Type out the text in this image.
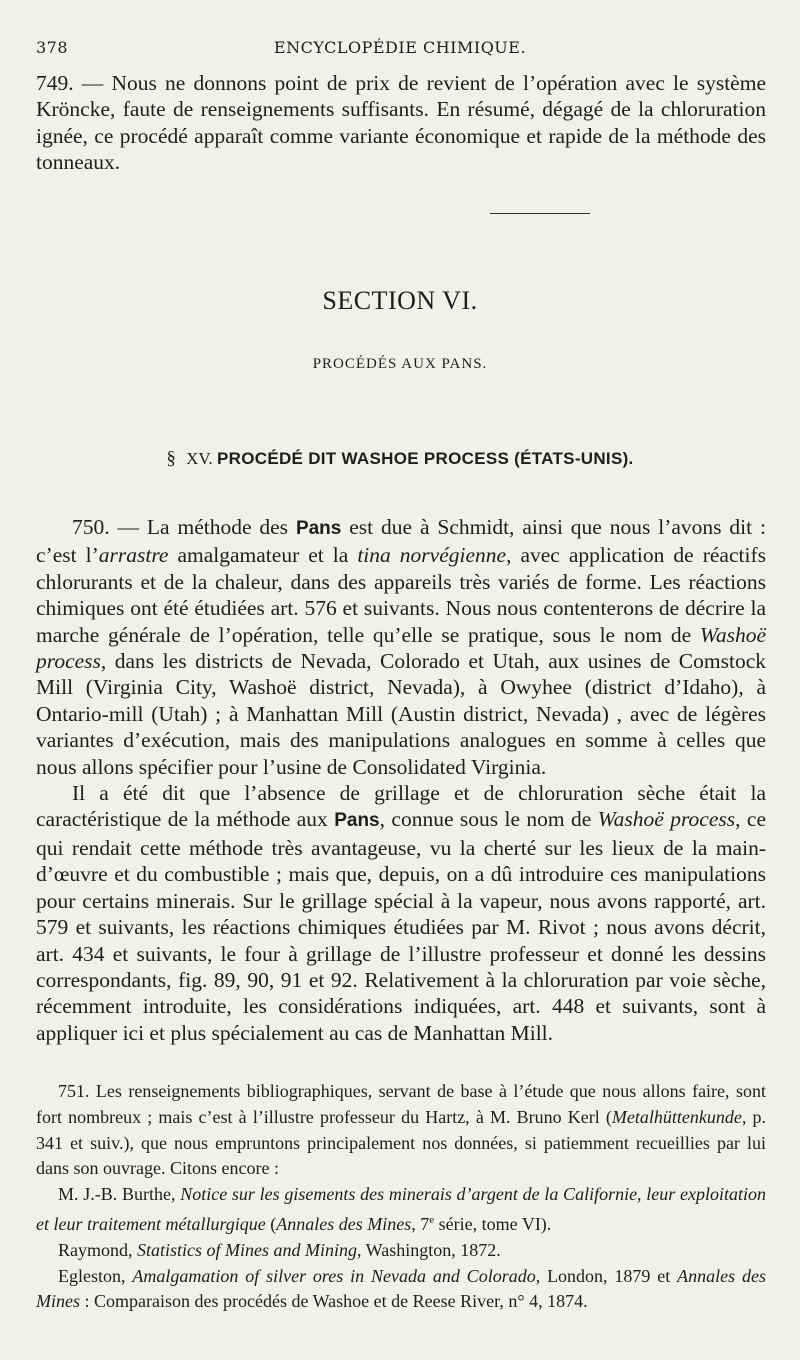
378	ENCYCLOPÉDIE CHIMIQUE.

749. — Nous ne donnons point de prix de revient de l’opération avec le système Kröncke, faute de renseignements suffisants. En résumé, dégagé de la chloruration ignée, ce procédé apparaît comme variante économique et rapide de la méthode des tonneaux.

SECTION VI.
PROCÉDÉS AUX PANS.
§ XV. PROCÉDÉ DIT WASHOE PROCESS (ÉTATS-UNIS).

750. — La méthode des Pans est due à Schmidt, ainsi que nous l’avons dit : c’est l’arrastre amalgamateur et la tina norvégienne, avec application de réactifs chlorurants et de la chaleur, dans des appareils très variés de forme. Les réactions chimiques ont été étudiées art. 576 et suivants. Nous nous contenterons de décrire la marche générale de l’opération, telle qu’elle se pratique, sous le nom de Washoë process, dans les districts de Nevada, Colorado et Utah, aux usines de Comstock Mill (Virginia City, Washoë district, Nevada), à Owyhee (district d’Idaho), à Ontario-mill (Utah) ; à Manhattan Mill (Austin district, Nevada) , avec de légères variantes d’exécution, mais des manipulations analogues en somme à celles que nous allons spécifier pour l’usine de Consolidated Virginia.

Il a été dit que l’absence de grillage et de chloruration sèche était la caractéristique de la méthode aux Pans, connue sous le nom de Washoë process, ce qui rendait cette méthode très avantageuse, vu la cherté sur les lieux de la main-d’œuvre et du combustible ; mais que, depuis, on a dû introduire ces manipulations pour certains minerais. Sur le grillage spécial à la vapeur, nous avons rapporté, art. 579 et suivants, les réactions chimiques étudiées par M. Rivot ; nous avons décrit, art. 434 et suivants, le four à grillage de l’illustre professeur et donné les dessins correspondants, fig. 89, 90, 91 et 92. Relativement à la chloruration par voie sèche, récemment introduite, les considérations indiquées, art. 448 et suivants, sont à appliquer ici et plus spécialement au cas de Manhattan Mill.

751. Les renseignements bibliographiques, servant de base à l’étude que nous allons faire, sont fort nombreux ; mais c’est à l’illustre professeur du Hartz, à M. Bruno Kerl (Metalhüttenkunde, p. 341 et suiv.), que nous empruntons principalement nos données, si patiemment recueillies par lui dans son ouvrage. Citons encore :

M. J.-B. Burthe, Notice sur les gisements des minerais d’argent de la Californie, leur exploitation et leur traitement métallurgique (Annales des Mines, 7e série, tome VI).

Raymond, Statistics of Mines and Mining, Washington, 1872.

Egleston, Amalgamation of silver ores in Nevada and Colorado, London, 1879 et Annales des Mines : Comparaison des procédés de Washoe et de Reese River, n° 4, 1874.
